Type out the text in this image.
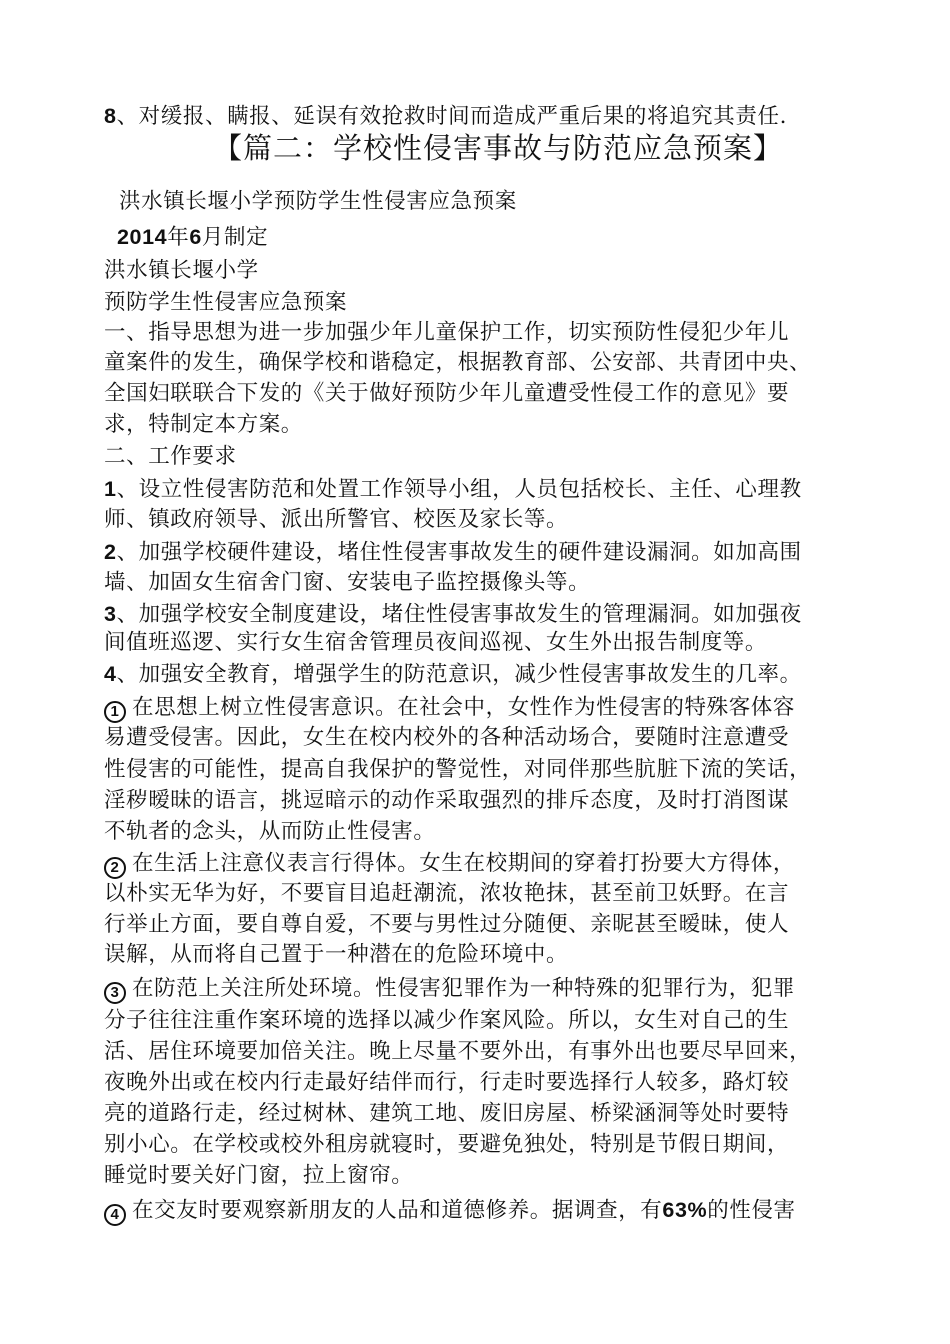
8、对缓报、瞒报、延误有效抢救时间而造成严重后果的将追究其责任.
【篇二：学校性侵害事故与防范应急预案】
洪水镇长堰小学预防学生性侵害应急预案
2014年6月制定
洪水镇长堰小学
预防学生性侵害应急预案
一、指导思想为进一步加强少年儿童保护工作，切实预防性侵犯少年儿
童案件的发生，确保学校和谐稳定，根据教育部、公安部、共青团中央、
全国妇联联合下发的《关于做好预防少年儿童遭受性侵工作的意见》要
求，特制定本方案。
二、工作要求
1、设立性侵害防范和处置工作领导小组，人员包括校长、主任、心理教
师、镇政府领导、派出所警官、校医及家长等。
2、加强学校硬件建设，堵住性侵害事故发生的硬件建设漏洞。如加高围
墙、加固女生宿舍门窗、安装电子监控摄像头等。
3、加强学校安全制度建设，堵住性侵害事故发生的管理漏洞。如加强夜
间值班巡逻、实行女生宿舍管理员夜间巡视、女生外出报告制度等。
4、加强安全教育，增强学生的防范意识，减少性侵害事故发生的几率。
1 在思想上树立性侵害意识。在社会中，女性作为性侵害的特殊客体容
易遭受侵害。因此，女生在校内校外的各种活动场合，要随时注意遭受
性侵害的可能性，提高自我保护的警觉性，对同伴那些肮脏下流的笑话，
淫秽暧昧的语言，挑逗暗示的动作采取强烈的排斥态度，及时打消图谋
不轨者的念头，从而防止性侵害。
2 在生活上注意仪表言行得体。女生在校期间的穿着打扮要大方得体，
以朴实无华为好，不要盲目追赶潮流，浓妆艳抹，甚至前卫妖野。在言
行举止方面，要自尊自爱，不要与男性过分随便、亲昵甚至暧昧，使人
误解，从而将自己置于一种潜在的危险环境中。
3 在防范上关注所处环境。性侵害犯罪作为一种特殊的犯罪行为，犯罪
分子往往注重作案环境的选择以减少作案风险。所以，女生对自己的生
活、居住环境要加倍关注。晚上尽量不要外出，有事外出也要尽早回来，
夜晚外出或在校内行走最好结伴而行，行走时要选择行人较多，路灯较
亮的道路行走，经过树林、建筑工地、废旧房屋、桥梁涵洞等处时要特
别小心。在学校或校外租房就寝时，要避免独处，特别是节假日期间，
睡觉时要关好门窗，拉上窗帘。
4 在交友时要观察新朋友的人品和道德修养。据调查，有63%的性侵害
